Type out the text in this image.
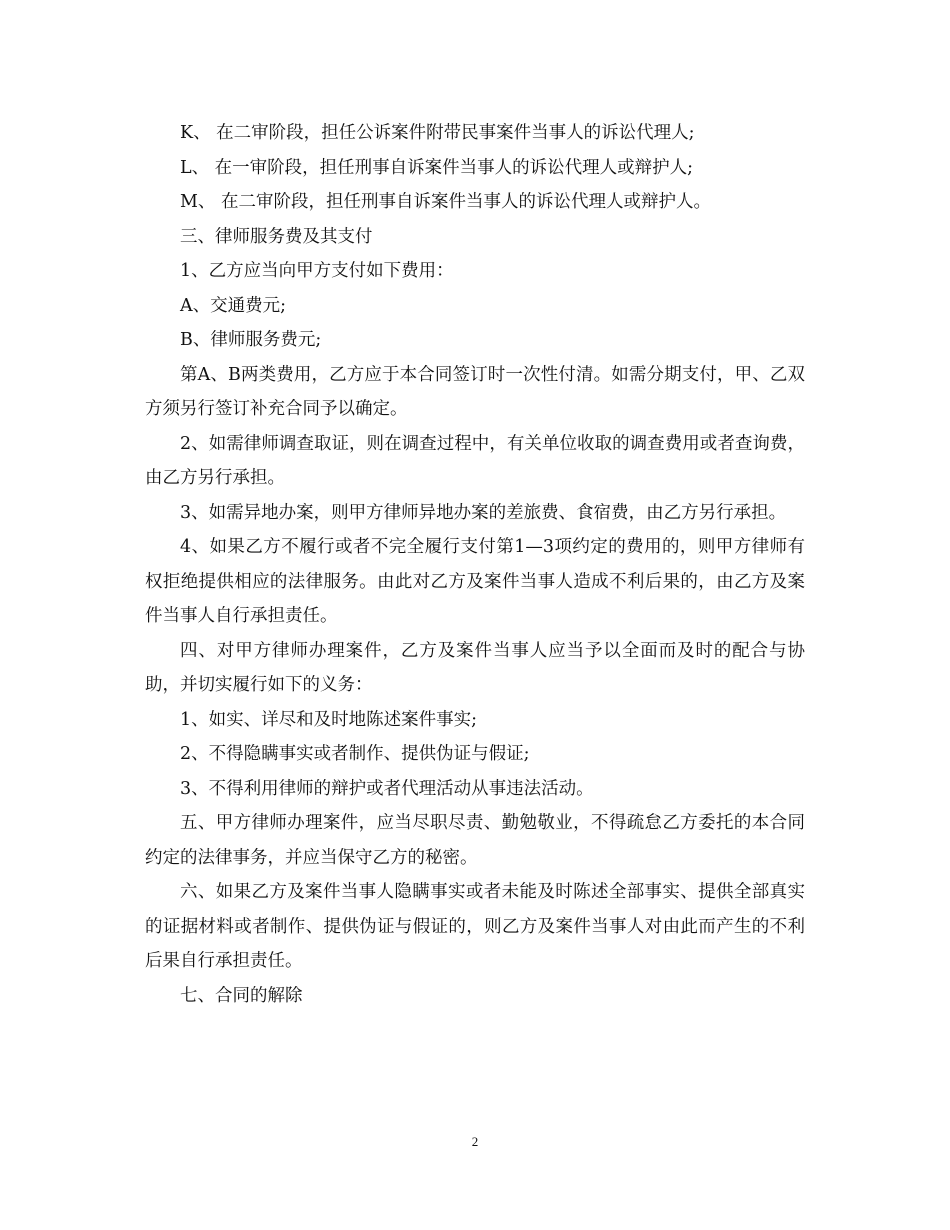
K、 在二审阶段，担任公诉案件附带民事案件当事人的诉讼代理人;

L、 在一审阶段，担任刑事自诉案件当事人的诉讼代理人或辩护人;

M、 在二审阶段，担任刑事自诉案件当事人的诉讼代理人或辩护人。

三、律师服务费及其支付

1、乙方应当向甲方支付如下费用：

A、交通费元;

B、律师服务费元;

第A、B两类费用，乙方应于本合同签订时一次性付清。如需分期支付，甲、乙双方须另行签订补充合同予以确定。

2、如需律师调查取证，则在调查过程中，有关单位收取的调查费用或者查询费，由乙方另行承担。

3、如需异地办案，则甲方律师异地办案的差旅费、食宿费，由乙方另行承担。

4、如果乙方不履行或者不完全履行支付第1—3项约定的费用的，则甲方律师有权拒绝提供相应的法律服务。由此对乙方及案件当事人造成不利后果的，由乙方及案件当事人自行承担责任。

四、对甲方律师办理案件，乙方及案件当事人应当予以全面而及时的配合与协助，并切实履行如下的义务：

1、如实、详尽和及时地陈述案件事实;

2、不得隐瞒事实或者制作、提供伪证与假证;

3、不得利用律师的辩护或者代理活动从事违法活动。

五、甲方律师办理案件，应当尽职尽责、勤勉敬业，不得疏怠乙方委托的本合同约定的法律事务，并应当保守乙方的秘密。

六、如果乙方及案件当事人隐瞒事实或者未能及时陈述全部事实、提供全部真实的证据材料或者制作、提供伪证与假证的，则乙方及案件当事人对由此而产生的不利后果自行承担责任。

七、合同的解除

2
